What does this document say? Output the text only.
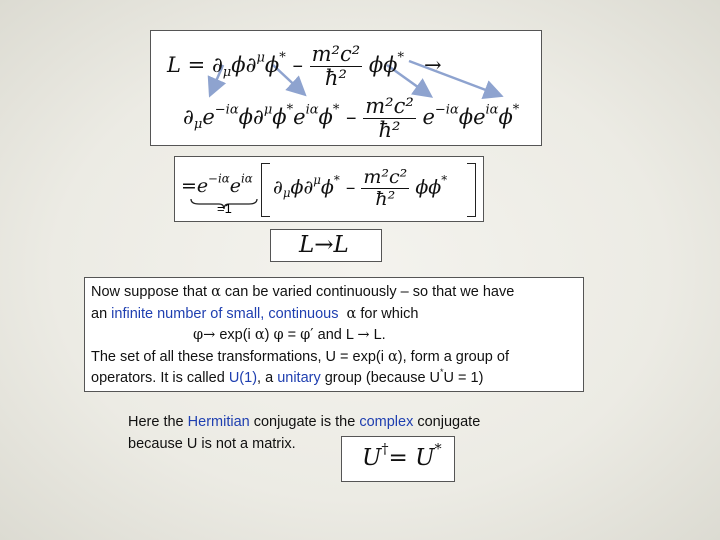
$L = \partial_\mu\phi\partial^\mu\phi^* - \frac{\text{m²c²}}{\text{ħ²}} \phi\phi^*$ →
$\partial_\mu e^{-i\alpha}\phi\partial^\mu\phi^*e^{i\alpha}\phi^* - \frac{\text{m²c²}}{\text{ħ²}} e^{-i\alpha}\phi e^{i\alpha}\phi^*$
$=e^{-i\alpha}e^{i\alpha}$
=1
$\partial_\mu\phi\partial^\mu\phi^* - \frac{\text{m²c²}}{\text{ħ²}} \phi\phi^*$
L→L
Now suppose that α can be varied continuously – so that we have
an infinite number of small, continuous α for which
φ→ exp(i α) φ = φ′ and L → L.
The set of all these transformations, U = exp(i α), form a group of
operators. It is called U(1), a unitary group (because U*U = 1)
Here the Hermitian conjugate is the complex conjugate
because U is not a matrix.
U†= U*
